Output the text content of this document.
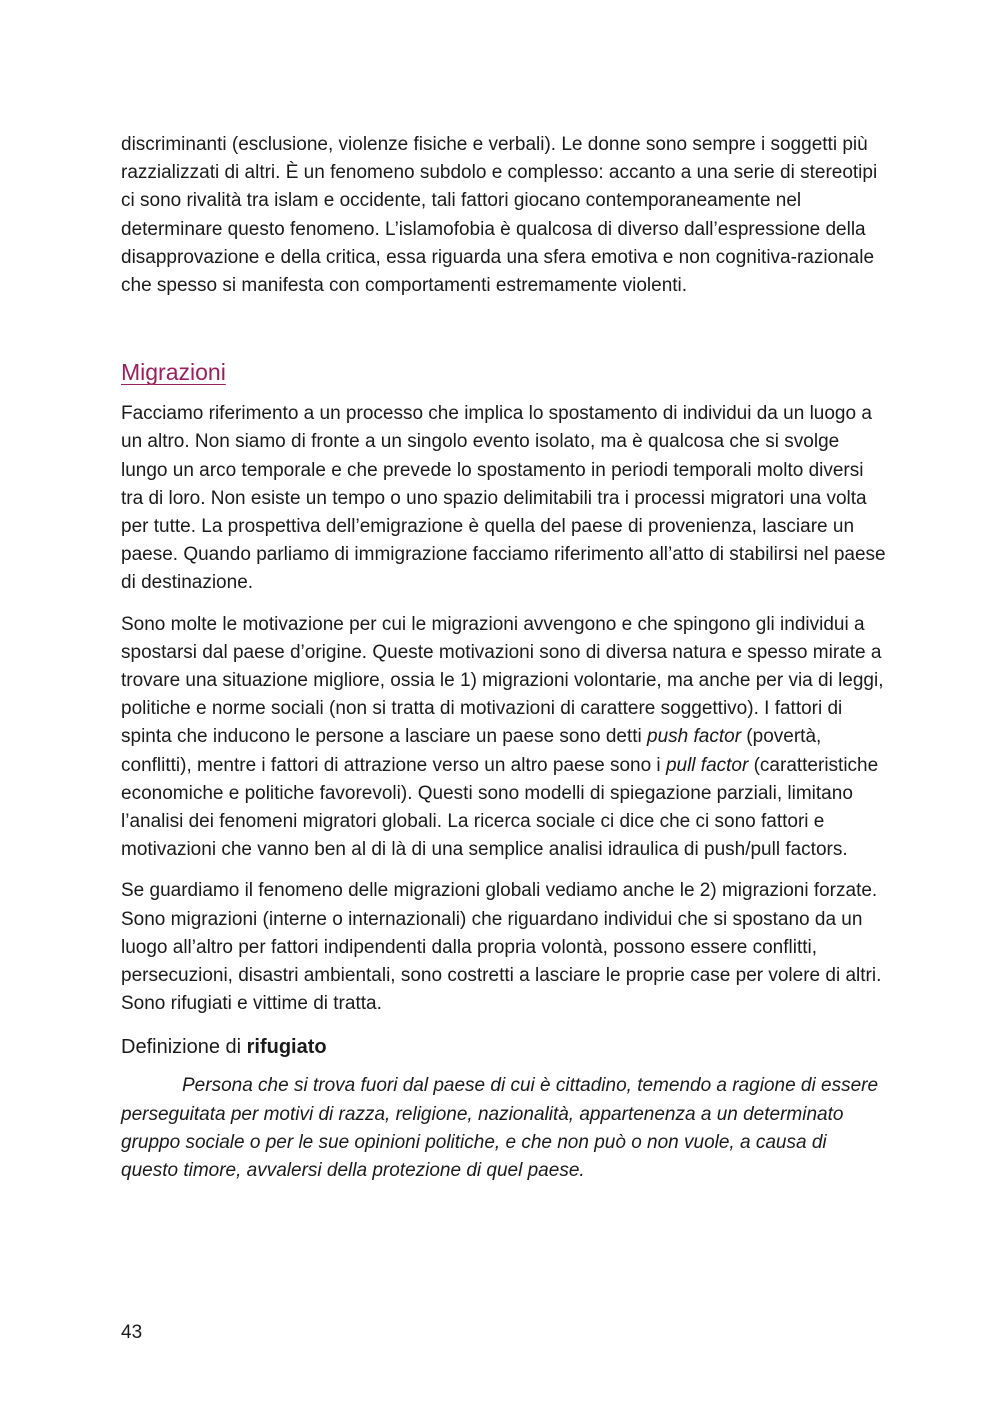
discriminanti (esclusione, violenze fisiche e verbali). Le donne sono sempre i soggetti più razzializzati di altri. È un fenomeno subdolo e complesso: accanto a una serie di stereotipi ci sono rivalità tra islam e occidente, tali fattori giocano contemporaneamente nel determinare questo fenomeno. L’islamofobia è qualcosa di diverso dall’espressione della disapprovazione e della critica, essa riguarda una sfera emotiva e non cognitiva-razionale che spesso si manifesta con comportamenti estremamente violenti.

Migrazioni

Facciamo riferimento a un processo che implica lo spostamento di individui da un luogo a un altro. Non siamo di fronte a un singolo evento isolato, ma è qualcosa che si svolge lungo un arco temporale e che prevede lo spostamento in periodi temporali molto diversi tra di loro. Non esiste un tempo o uno spazio delimitabili tra i processi migratori una volta per tutte. La prospettiva dell’emigrazione è quella del paese di provenienza, lasciare un paese. Quando parliamo di immigrazione facciamo riferimento all’atto di stabilirsi nel paese di destinazione.

Sono molte le motivazione per cui le migrazioni avvengono e che spingono gli individui a spostarsi dal paese d’origine. Queste motivazioni sono di diversa natura e spesso mirate a trovare una situazione migliore, ossia le 1) migrazioni volontarie, ma anche per via di leggi, politiche e norme sociali (non si tratta di motivazioni di carattere soggettivo). I fattori di spinta che inducono le persone a lasciare un paese sono detti push factor (povertà, conflitti), mentre i fattori di attrazione verso un altro paese sono i pull factor (caratteristiche economiche e politiche favorevoli). Questi sono modelli di spiegazione parziali, limitano l’analisi dei fenomeni migratori globali. La ricerca sociale ci dice che ci sono fattori e motivazioni che vanno ben al di là di una semplice analisi idraulica di push/pull factors.

Se guardiamo il fenomeno delle migrazioni globali vediamo anche le 2) migrazioni forzate. Sono migrazioni (interne o internazionali) che riguardano individui che si spostano da un luogo all’altro per fattori indipendenti dalla propria volontà, possono essere conflitti, persecuzioni, disastri ambientali, sono costretti a lasciare le proprie case per volere di altri. Sono rifugiati e vittime di tratta.

Definizione di rifugiato

Persona che si trova fuori dal paese di cui è cittadino, temendo a ragione di essere perseguitata per motivi di razza, religione, nazionalità, appartenenza a un determinato gruppo sociale o per le sue opinioni politiche, e che non può o non vuole, a causa di questo timore, avvalersi della protezione di quel paese.

43
